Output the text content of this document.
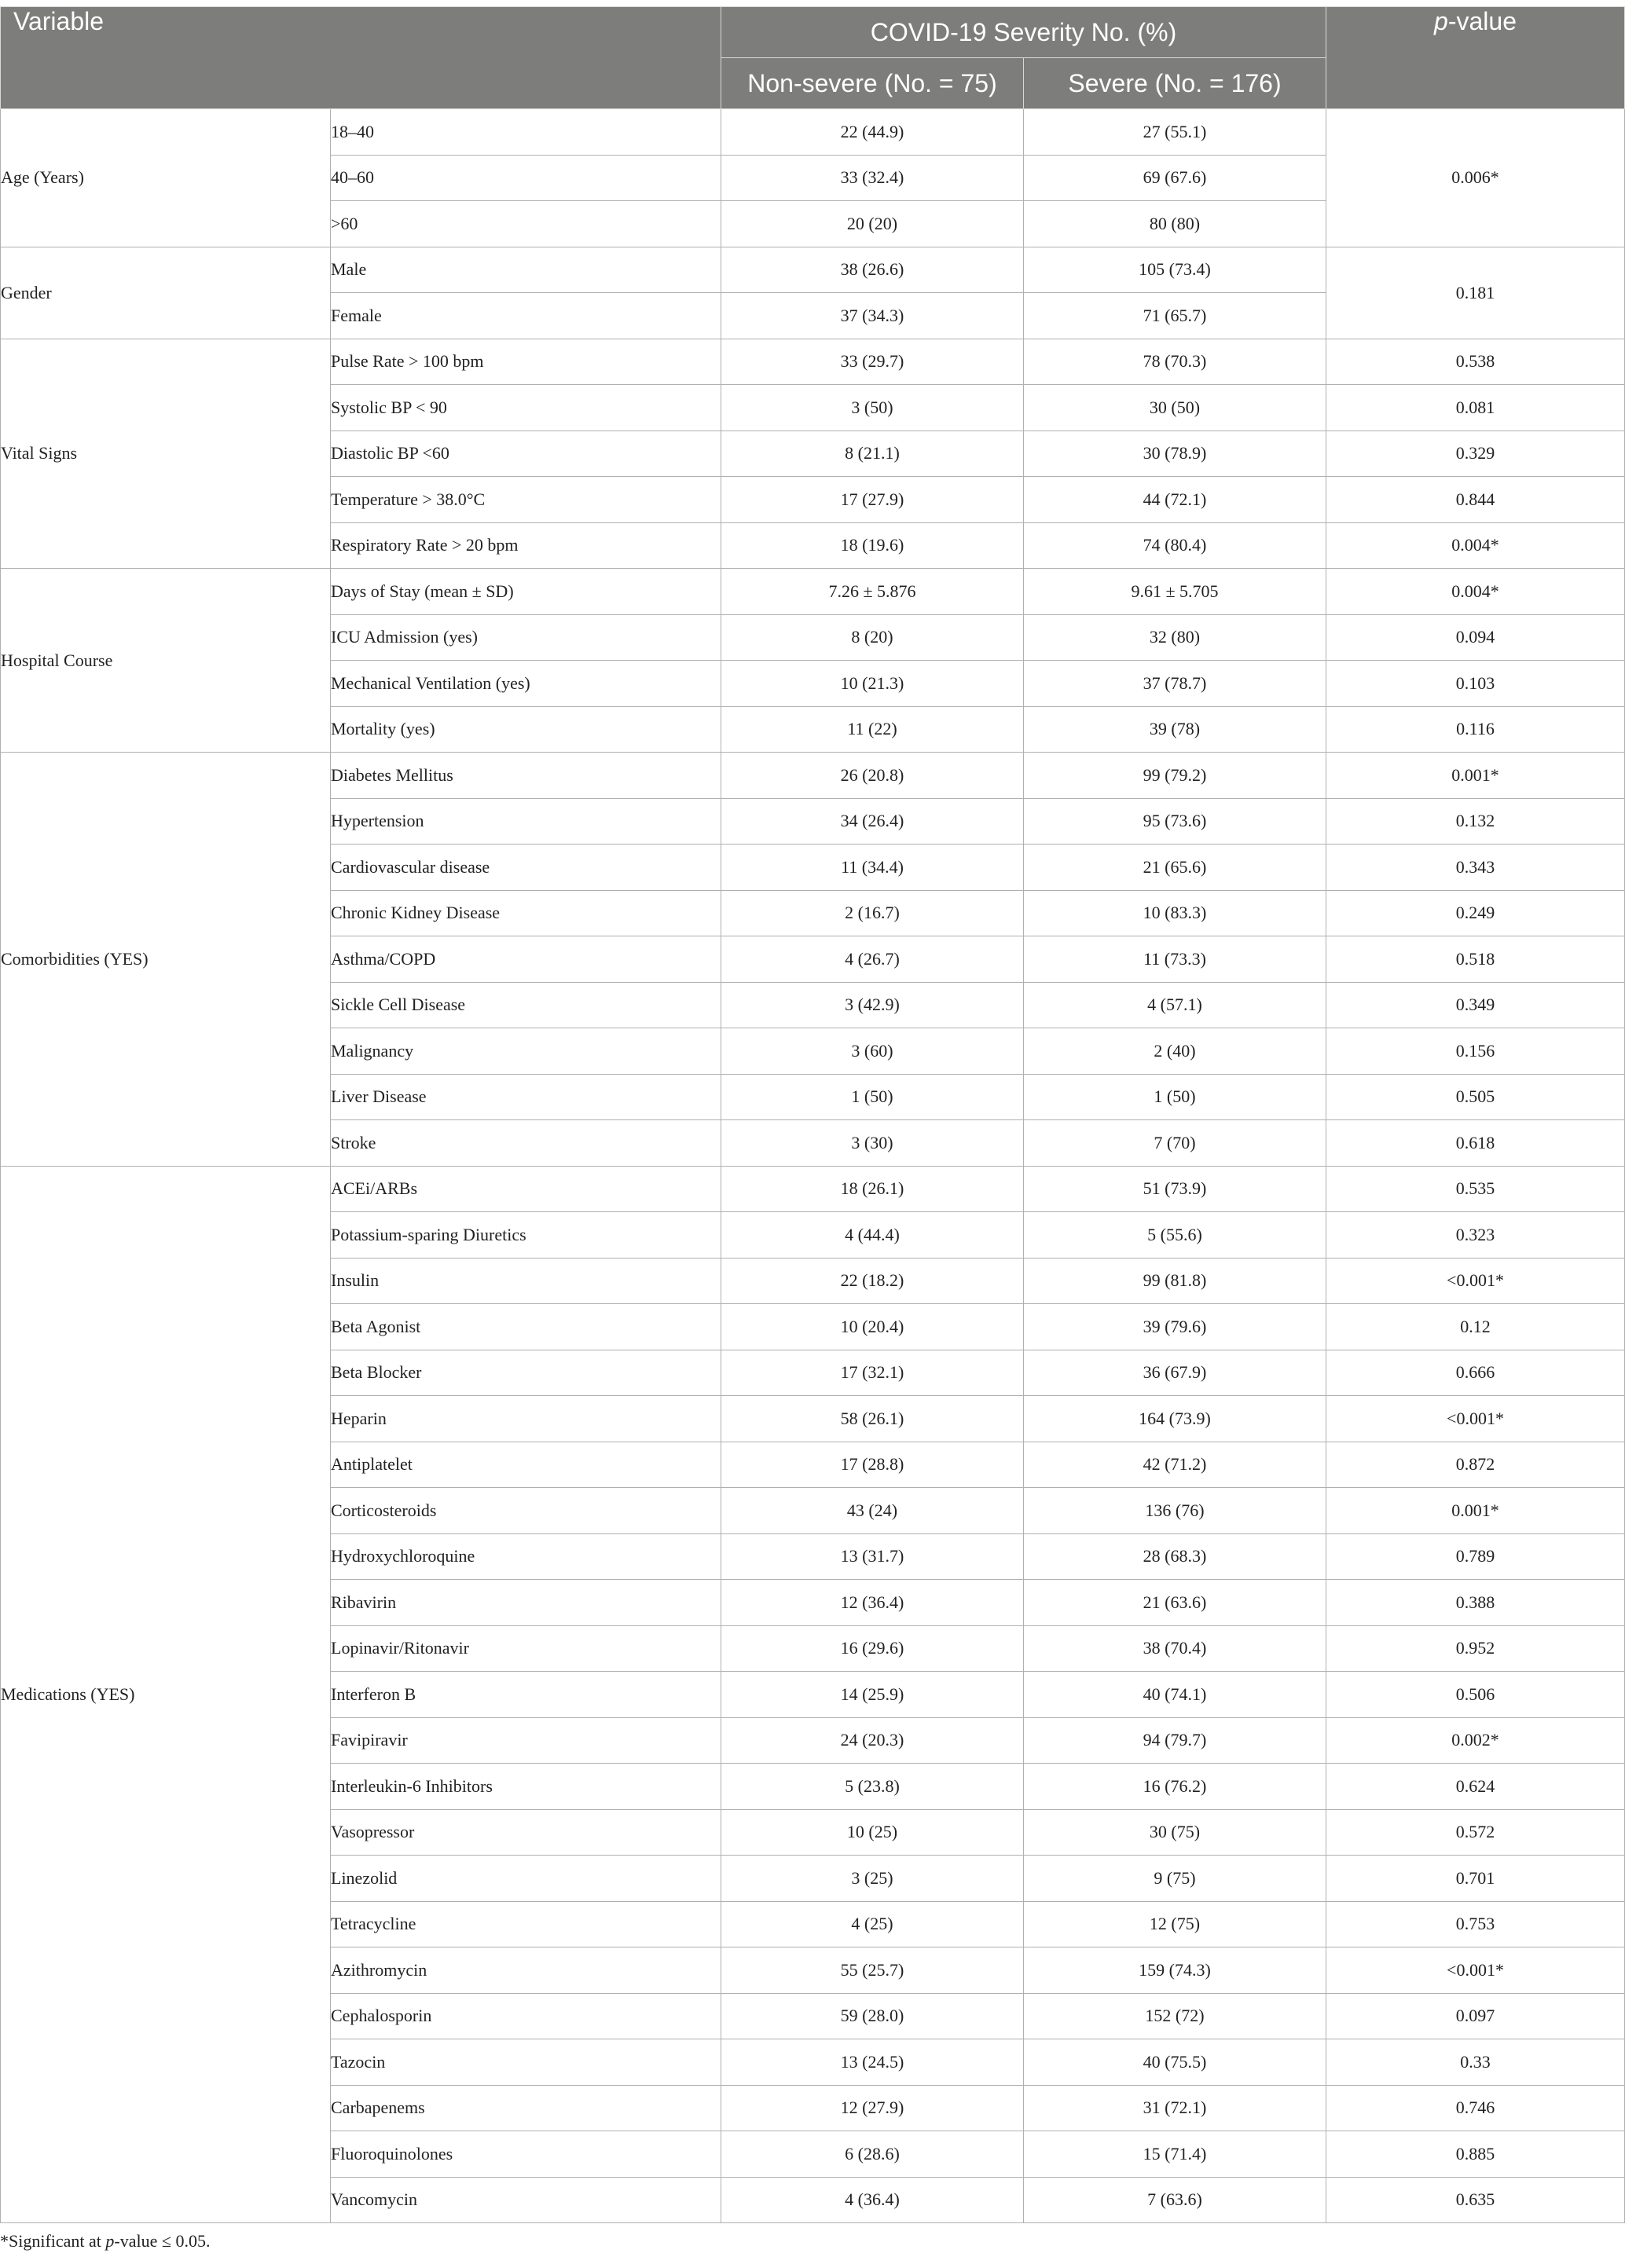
Variable		COVID-19 Severity No. (%)		p-value
		Non-severe (No. = 75)	Severe (No. = 176)	
Age (Years)	18–40	22 (44.9)	27 (55.1)	0.006*
	40–60	33 (32.4)	69 (67.6)	
	>60	20 (20)	80 (80)	
Gender	Male	38 (26.6)	105 (73.4)	0.181
	Female	37 (34.3)	71 (65.7)	
Vital Signs	Pulse Rate > 100 bpm	33 (29.7)	78 (70.3)	0.538
	Systolic BP < 90	3 (50)	30 (50)	0.081
	Diastolic BP <60	8 (21.1)	30 (78.9)	0.329
	Temperature > 38.0°C	17 (27.9)	44 (72.1)	0.844
	Respiratory Rate > 20 bpm	18 (19.6)	74 (80.4)	0.004*
Hospital Course	Days of Stay (mean ± SD)	7.26 ± 5.876	9.61 ± 5.705	0.004*
	ICU Admission (yes)	8 (20)	32 (80)	0.094
	Mechanical Ventilation (yes)	10 (21.3)	37 (78.7)	0.103
	Mortality (yes)	11 (22)	39 (78)	0.116
Comorbidities (YES)	Diabetes Mellitus	26 (20.8)	99 (79.2)	0.001*
	Hypertension	34 (26.4)	95 (73.6)	0.132
	Cardiovascular disease	11 (34.4)	21 (65.6)	0.343
	Chronic Kidney Disease	2 (16.7)	10 (83.3)	0.249
	Asthma/COPD	4 (26.7)	11 (73.3)	0.518
	Sickle Cell Disease	3 (42.9)	4 (57.1)	0.349
	Malignancy	3 (60)	2 (40)	0.156
	Liver Disease	1 (50)	1 (50)	0.505
	Stroke	3 (30)	7 (70)	0.618
Medications (YES)	ACEi/ARBs	18 (26.1)	51 (73.9)	0.535
	Potassium-sparing Diuretics	4 (44.4)	5 (55.6)	0.323
	Insulin	22 (18.2)	99 (81.8)	<0.001*
	Beta Agonist	10 (20.4)	39 (79.6)	0.12
	Beta Blocker	17 (32.1)	36 (67.9)	0.666
	Heparin	58 (26.1)	164 (73.9)	<0.001*
	Antiplatelet	17 (28.8)	42 (71.2)	0.872
	Corticosteroids	43 (24)	136 (76)	0.001*
	Hydroxychloroquine	13 (31.7)	28 (68.3)	0.789
	Ribavirin	12 (36.4)	21 (63.6)	0.388
	Lopinavir/Ritonavir	16 (29.6)	38 (70.4)	0.952
	Interferon B	14 (25.9)	40 (74.1)	0.506
	Favipiravir	24 (20.3)	94 (79.7)	0.002*
	Interleukin-6 Inhibitors	5 (23.8)	16 (76.2)	0.624
	Vasopressor	10 (25)	30 (75)	0.572
	Linezolid	3 (25)	9 (75)	0.701
	Tetracycline	4 (25)	12 (75)	0.753
	Azithromycin	55 (25.7)	159 (74.3)	<0.001*
	Cephalosporin	59 (28.0)	152 (72)	0.097
	Tazocin	13 (24.5)	40 (75.5)	0.33
	Carbapenems	12 (27.9)	31 (72.1)	0.746
	Fluoroquinolones	6 (28.6)	15 (71.4)	0.885
	Vancomycin	4 (36.4)	7 (63.6)	0.635
*Significant at p-value ≤ 0.05.
